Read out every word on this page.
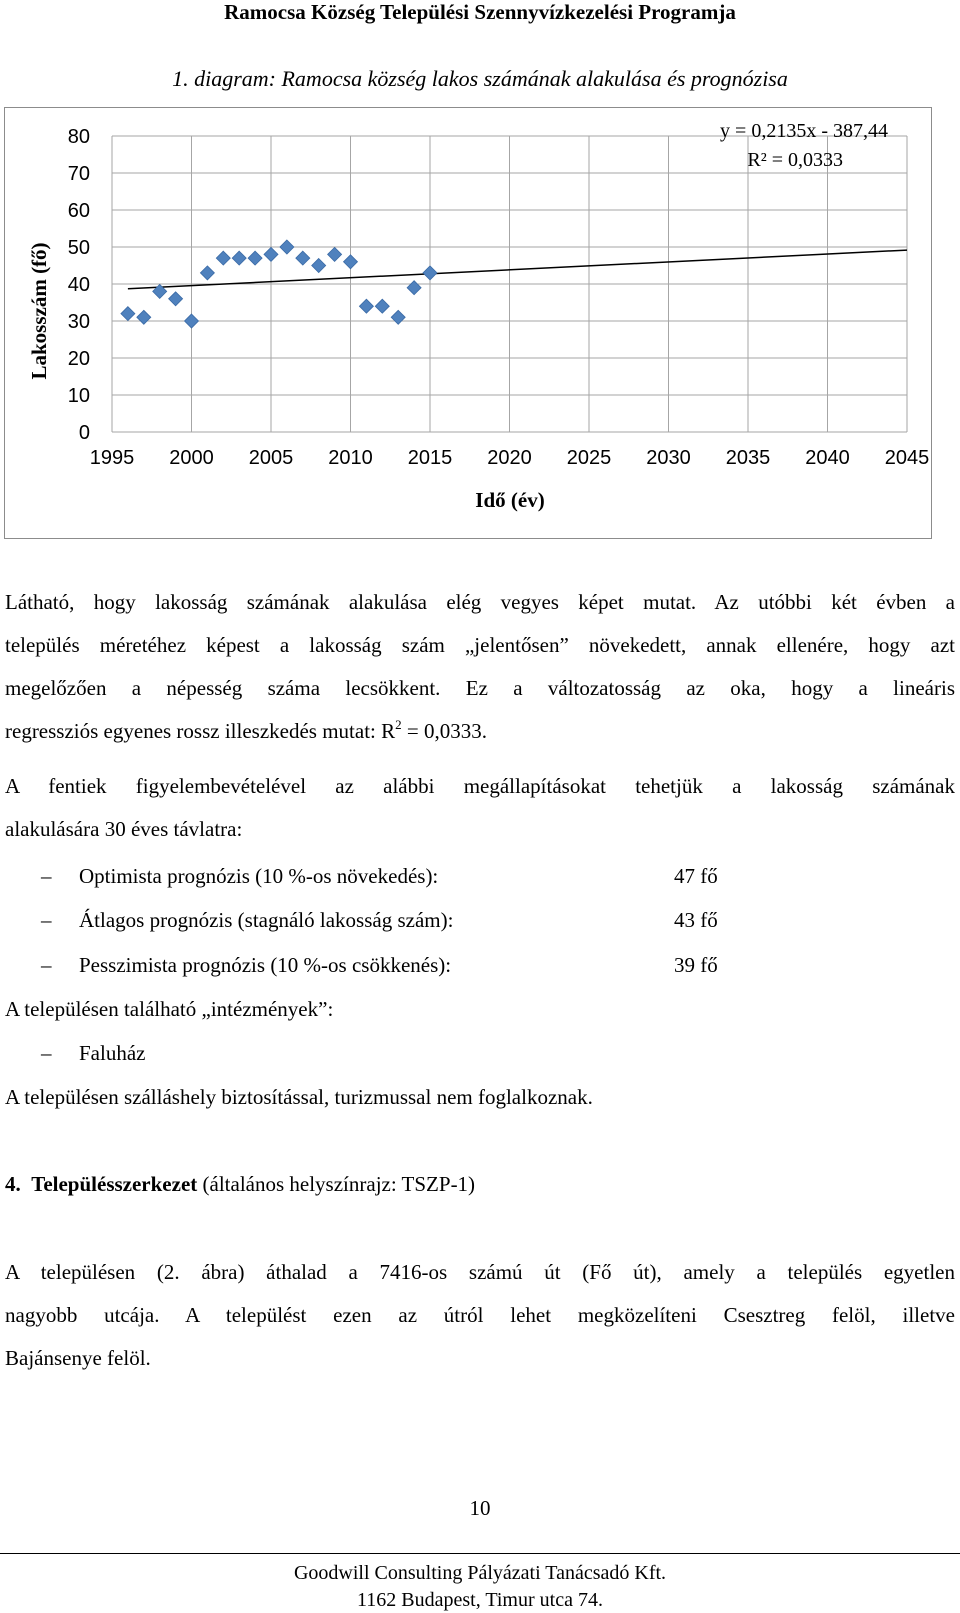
Ramocsa Község Települési Szennyvízkezelési Programja
1. diagram: Ramocsa község lakos számának alakulása és prognózisa
0
10
20
30
40
50
60
70
80
1995 2000 2005 2010 2015 2020 2025 2030 2035 2040 2045
y = 0,2135x - 387,44
R² = 0,0333
Idő (év)
Lakosszám (fő)
Látható, hogy lakosság számának alakulása elég vegyes képet mutat. Az utóbbi két évben a
település méretéhez képest a lakosság szám „jelentősen” növekedett, annak ellenére, hogy azt
megelőzően a népesség száma lecsökkent. Ez a változatosság az oka, hogy a lineáris
regressziós egyenes rossz illeszkedés mutat: $R^2 = 0,0333$.
A fentiek figyelembevételével az alábbi megállapításokat tehetjük a lakosság számának
alakulására 30 éves távlatra:
– Optimista prognózis (10 %-os növekedés):	47 fő
– Átlagos prognózis (stagnáló lakosság szám):	43 fő
– Pesszimista prognózis (10 %-os csökkenés):	39 fő
A településen található „intézmények”:
– Faluház
A településen szálláshely biztosítással, turizmussal nem foglalkoznak.
4. Településszerkezet (általános helyszínrajz: TSZP-1)
A településen (2. ábra) áthalad a 7416-os számú út (Fő út), amely a település egyetlen
nagyobb utcája. A települést ezen az útról lehet megközelíteni Csesztreg felöl, illetve
Bajánsenye felöl.
10
Goodwill Consulting Pályázati Tanácsadó Kft.
1162 Budapest, Timur utca 74.
